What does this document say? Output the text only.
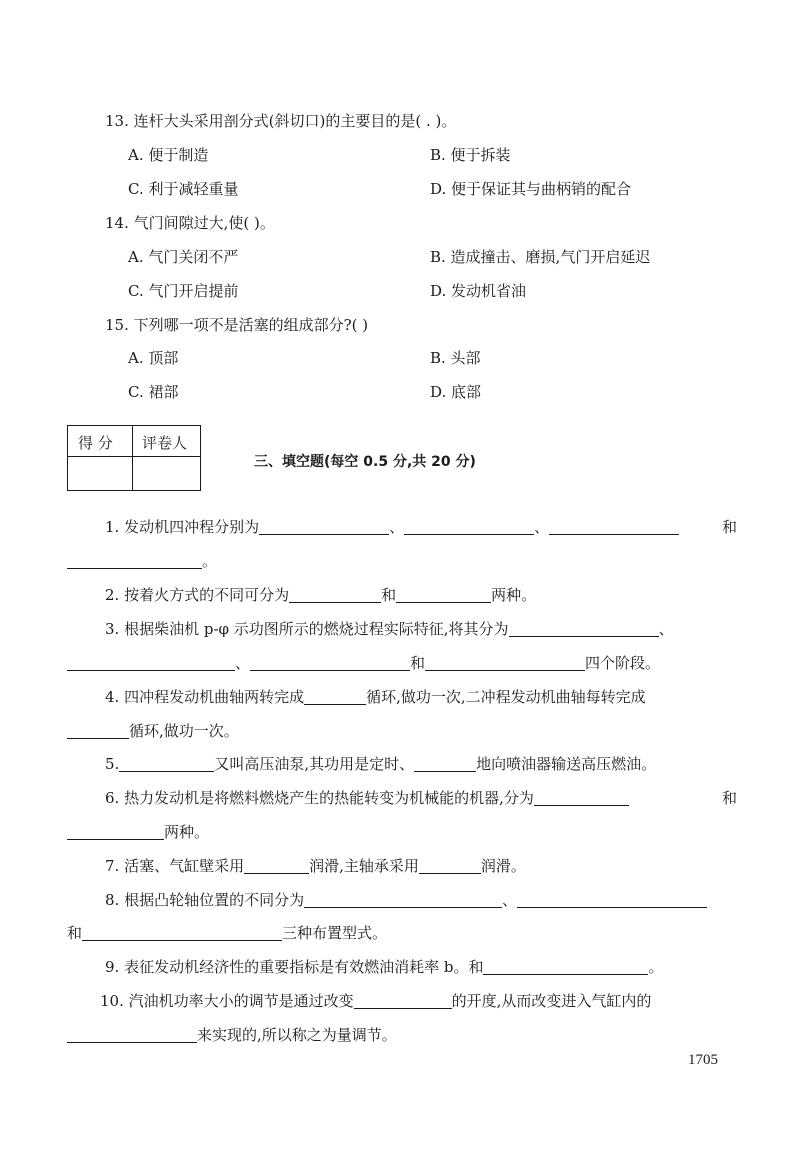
13. 连杆大头采用剖分式(斜切口)的主要目的是( . )。
A. 便于制造	B. 便于拆装
C. 利于减轻重量	D. 便于保证其与曲柄销的配合
14. 气门间隙过大,使( )。
A. 气门关闭不严	B. 造成撞击、磨损,气门开启延迟
C. 气门开启提前	D. 发动机省油
15. 下列哪一项不是活塞的组成部分?( )
A. 顶部	B. 头部
C. 裙部	D. 底部
得 分 评卷人
三、填空题(每空 0.5 分,共 20 分)
1. 发动机四冲程分别为	、	、	和
。
2. 按着火方式的不同可分为	和	两种。
3. 根据柴油机 p-φ 示功图所示的燃烧过程实际特征,将其分为	、
、	和	四个阶段。
4. 四冲程发动机曲轴两转完成	循环,做功一次,二冲程发动机曲轴每转完成
循环,做功一次。
5.	又叫高压油泵,其功用是定时、	地向喷油器输送高压燃油。
6. 热力发动机是将燃料燃烧产生的热能转变为机械能的机器,分为	和
两种。
7. 活塞、气缸壁采用	润滑,主轴承采用	润滑。
8. 根据凸轮轴位置的不同分为	、
和	三种布置型式。
9. 表征发动机经济性的重要指标是有效燃油消耗率 b。和	。
10. 汽油机功率大小的调节是通过改变	的开度,从而改变进入气缸内的
来实现的,所以称之为量调节。
1705
